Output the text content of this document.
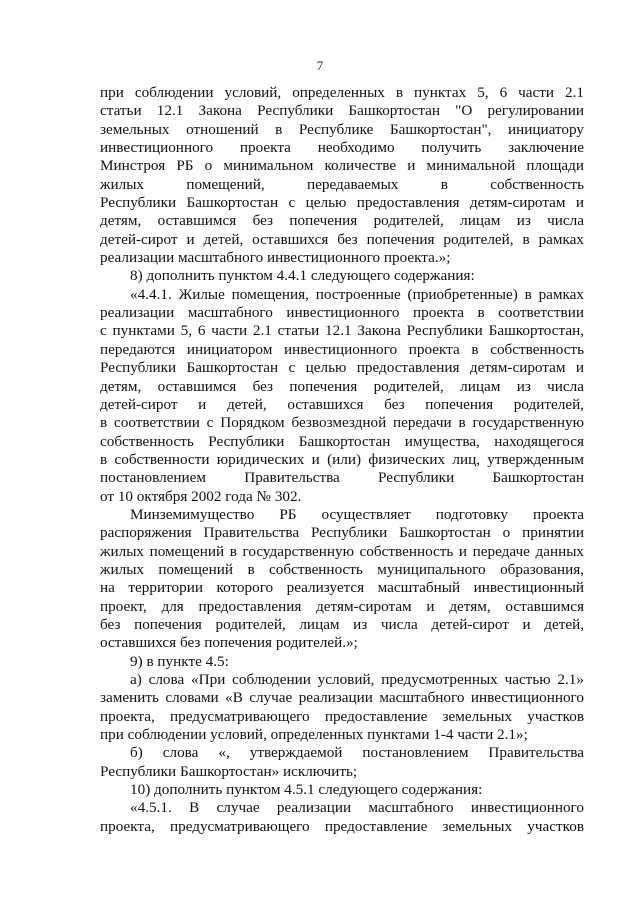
7
при соблюдении условий, определенных в пунктах 5, 6 части 2.1
статьи 12.1 Закона Республики Башкортостан "О регулировании
земельных отношений в Республике Башкортостан", инициатору
инвестиционного проекта необходимо получить заключение
Минстроя РБ о минимальном количестве и минимальной площади
жилых помещений, передаваемых в собственность
Республики Башкортостан с целью предоставления детям-сиротам и
детям, оставшимся без попечения родителей, лицам из числа
детей-сирот и детей, оставшихся без попечения родителей, в рамках
реализации масштабного инвестиционного проекта.»;
8) дополнить пунктом 4.4.1 следующего содержания:
«4.4.1. Жилые помещения, построенные (приобретенные) в рамках
реализации масштабного инвестиционного проекта в соответствии
с пунктами 5, 6 части 2.1 статьи 12.1 Закона Республики Башкортостан,
передаются инициатором инвестиционного проекта в собственность
Республики Башкортостан с целью предоставления детям-сиротам и
детям, оставшимся без попечения родителей, лицам из числа
детей-сирот и детей, оставшихся без попечения родителей,
в соответствии с Порядком безвозмездной передачи в государственную
собственность Республики Башкортостан имущества, находящегося
в собственности юридических и (или) физических лиц, утвержденным
постановлением Правительства Республики Башкортостан
от 10 октября 2002 года № 302.
Минземимущество РБ осуществляет подготовку проекта
распоряжения Правительства Республики Башкортостан о принятии
жилых помещений в государственную собственность и передаче данных
жилых помещений в собственность муниципального образования,
на территории которого реализуется масштабный инвестиционный
проект, для предоставления детям-сиротам и детям, оставшимся
без попечения родителей, лицам из числа детей-сирот и детей,
оставшихся без попечения родителей.»;
9) в пункте 4.5:
а) слова «При соблюдении условий, предусмотренных частью 2.1»
заменить словами «В случае реализации масштабного инвестиционного
проекта, предусматривающего предоставление земельных участков
при соблюдении условий, определенных пунктами 1-4 части 2.1»;
б) слова «, утверждаемой постановлением Правительства
Республики Башкортостан» исключить;
10) дополнить пунктом 4.5.1 следующего содержания:
«4.5.1. В случае реализации масштабного инвестиционного
проекта, предусматривающего предоставление земельных участков
